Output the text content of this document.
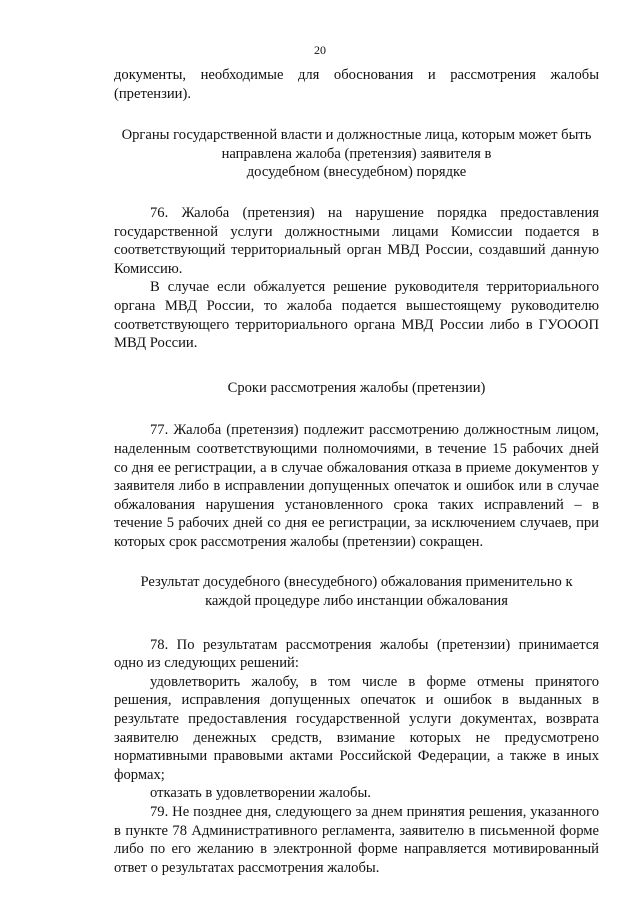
20

документы, необходимые для обоснования и рассмотрения жалобы (претензии).

Органы государственной власти и должностные лица, которым может быть

направлена жалоба (претензия) заявителя в

досудебном (внесудебном) порядке

76. Жалоба (претензия) на нарушение порядка предоставления государственной услуги должностными лицами Комиссии подается в соответствующий территориальный орган МВД России, создавший данную Комиссию.

В случае если обжалуется решение руководителя территориального органа МВД России, то жалоба подается вышестоящему руководителю соответствующего территориального органа МВД России либо в ГУОООП МВД России.

Сроки рассмотрения жалобы (претензии)

77. Жалоба (претензия) подлежит рассмотрению должностным лицом, наделенным соответствующими полномочиями, в течение 15 рабочих дней со дня ее регистрации, а в случае обжалования отказа в приеме документов у заявителя либо в исправлении допущенных опечаток и ошибок или в случае обжалования нарушения установленного срока таких исправлений – в течение 5 рабочих дней со дня ее регистрации, за исключением случаев, при которых срок рассмотрения жалобы (претензии) сокращен.

Результат досудебного (внесудебного) обжалования применительно к

каждой процедуре либо инстанции обжалования

78. По результатам рассмотрения жалобы (претензии) принимается одно из следующих решений:

удовлетворить жалобу, в том числе в форме отмены принятого решения, исправления допущенных опечаток и ошибок в выданных в результате предоставления государственной услуги документах, возврата заявителю денежных средств, взимание которых не предусмотрено нормативными правовыми актами Российской Федерации, а также в иных формах;

отказать в удовлетворении жалобы.

79. Не позднее дня, следующего за днем принятия решения, указанного в пункте 78 Административного регламента, заявителю в письменной форме либо по его желанию в электронной форме направляется мотивированный ответ о результатах рассмотрения жалобы.
